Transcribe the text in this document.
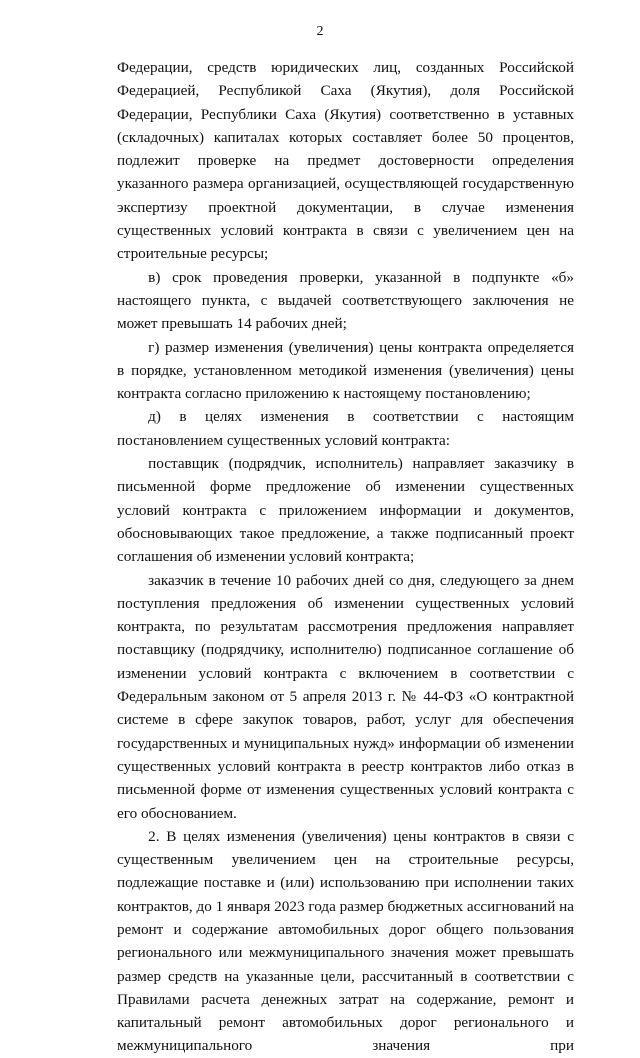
2

Федерации, средств юридических лиц, созданных Российской Федерацией, Республикой Саха (Якутия), доля Российской Федерации, Республики Саха (Якутия) соответственно в уставных (складочных) капиталах которых составляет более 50 процентов, подлежит проверке на предмет достоверности определения указанного размера организацией, осуществляющей государственную экспертизу проектной документации, в случае изменения существенных условий контракта в связи с увеличением цен на строительные ресурсы;

в) срок проведения проверки, указанной в подпункте «б» настоящего пункта, с выдачей соответствующего заключения не может превышать 14 рабочих дней;

г) размер изменения (увеличения) цены контракта определяется в порядке, установленном методикой изменения (увеличения) цены контракта согласно приложению к настоящему постановлению;

д) в целях изменения в соответствии с настоящим постановлением существенных условий контракта:

поставщик (подрядчик, исполнитель) направляет заказчику в письменной форме предложение об изменении существенных условий контракта с приложением информации и документов, обосновывающих такое предложение, а также подписанный проект соглашения об изменении условий контракта;

заказчик в течение 10 рабочих дней со дня, следующего за днем поступления предложения об изменении существенных условий контракта, по результатам рассмотрения предложения направляет поставщику (подрядчику, исполнителю) подписанное соглашение об изменении условий контракта с включением в соответствии с Федеральным законом от 5 апреля 2013 г. № 44-ФЗ «О контрактной системе в сфере закупок товаров, работ, услуг для обеспечения государственных и муниципальных нужд» информации об изменении существенных условий контракта в реестр контрактов либо отказ в письменной форме от изменения существенных условий контракта с его обоснованием.

2. В целях изменения (увеличения) цены контрактов в связи с существенным увеличением цен на строительные ресурсы, подлежащие поставке и (или) использованию при исполнении таких контрактов, до 1 января 2023 года размер бюджетных ассигнований на ремонт и содержание автомобильных дорог общего пользования регионального или межмуниципального значения может превышать размер средств на указанные цели, рассчитанный в соответствии с Правилами расчета денежных затрат на содержание, ремонт и капитальный ремонт автомобильных дорог регионального и межмуниципального значения при
